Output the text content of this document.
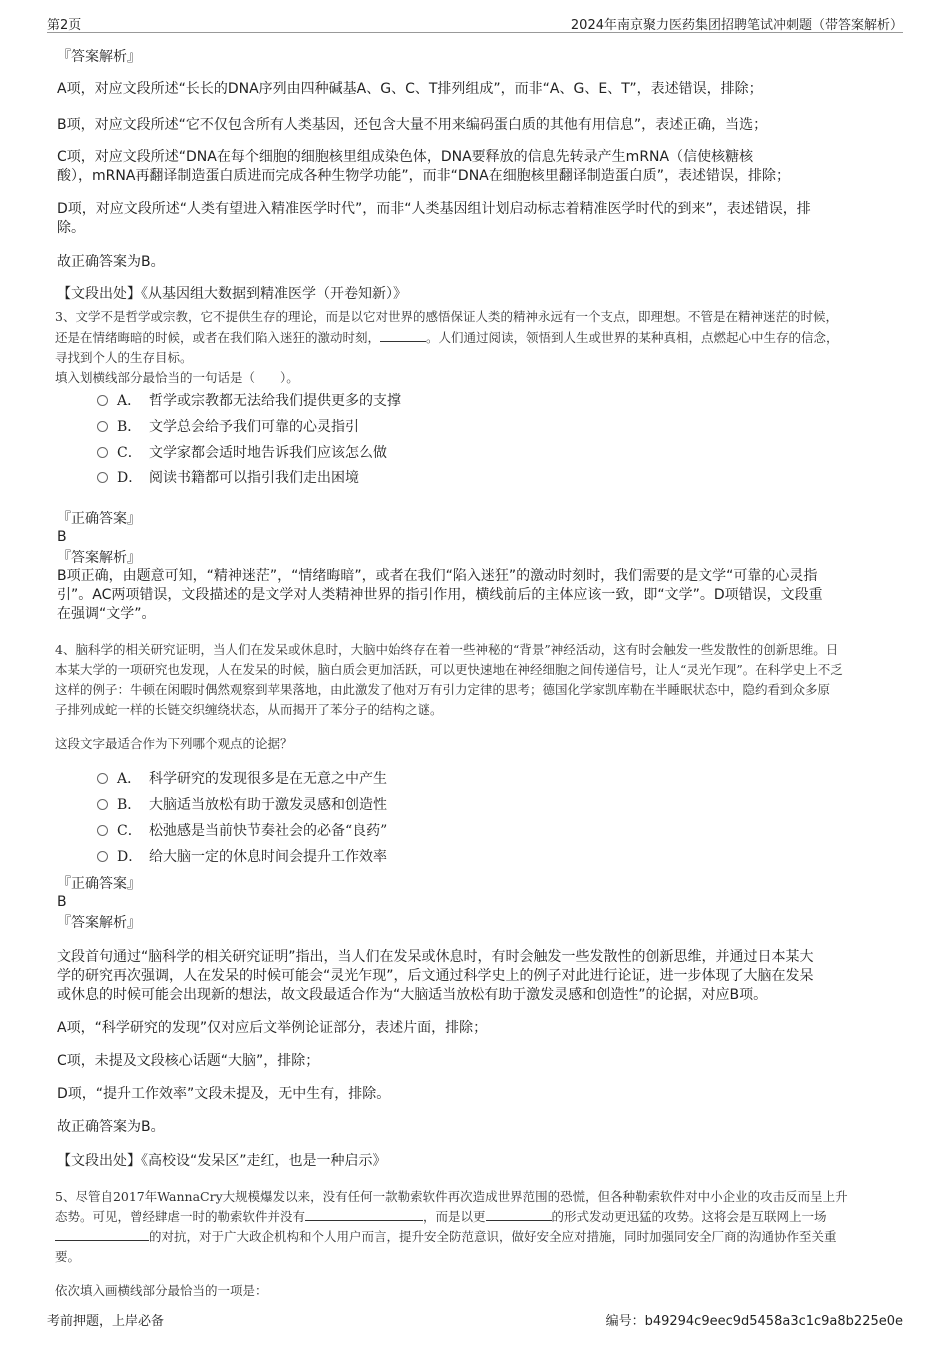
第2页	2024年南京聚力医药集团招聘笔试冲刺题（带答案解析）
『答案解析』
A项，对应文段所述“长长的DNA序列由四种碱基A、G、C、T排列组成”，而非“A、G、E、T”，表述错误，排除；
B项，对应文段所述“它不仅包含所有人类基因，还包含大量不用来编码蛋白质的其他有用信息”，表述正确，当选；
C项，对应文段所述“DNA在每个细胞的细胞核里组成染色体，DNA要释放的信息先转录产生mRNA（信使核糖核
酸），mRNA再翻译制造蛋白质进而完成各种生物学功能”，而非“DNA在细胞核里翻译制造蛋白质”，表述错误，排除；
D项，对应文段所述“人类有望进入精准医学时代”，而非“人类基因组计划启动标志着精准医学时代的到来”，表述错误，排
除。
故正确答案为B。
【文段出处】《从基因组大数据到精准医学（开卷知新）》
3、文学不是哲学或宗教，它不提供生存的理论，而是以它对世界的感悟保证人类的精神永远有一个支点，即理想。不管是在精神迷茫的时候，
还是在情绪晦暗的时候，或者在我们陷入迷狂的激动时刻，	。人们通过阅读，领悟到人生或世界的某种真相，点燃起心中生存的信念，
寻找到个人的生存目标。
填入划横线部分最恰当的一句话是（　　）。
A． 哲学或宗教都无法给我们提供更多的支撑
B． 文学总会给予我们可靠的心灵指引
C． 文学家都会适时地告诉我们应该怎么做
D． 阅读书籍都可以指引我们走出困境
『正确答案』
B
『答案解析』
B项正确，由题意可知，“精神迷茫”，“情绪晦暗”，或者在我们“陷入迷狂”的激动时刻时，我们需要的是文学“可靠的心灵指
引”。AC两项错误，文段描述的是文学对人类精神世界的指引作用，横线前后的主体应该一致，即“文学”。D项错误，文段重
在强调“文学”。
4、脑科学的相关研究证明，当人们在发呆或休息时，大脑中始终存在着一些神秘的“背景”神经活动，这有时会触发一些发散性的创新思维。日
本某大学的一项研究也发现，人在发呆的时候，脑白质会更加活跃，可以更快速地在神经细胞之间传递信号，让人“灵光乍现”。在科学史上不乏
这样的例子：牛顿在闲暇时偶然观察到苹果落地，由此激发了他对万有引力定律的思考；德国化学家凯库勒在半睡眠状态中，隐约看到众多原
子排列成蛇一样的长链交织缠绕状态，从而揭开了苯分子的结构之谜。
这段文字最适合作为下列哪个观点的论据？
A． 科学研究的发现很多是在无意之中产生
B． 大脑适当放松有助于激发灵感和创造性
C． 松弛感是当前快节奏社会的必备“良药”
D． 给大脑一定的休息时间会提升工作效率
『正确答案』
B
『答案解析』
文段首句通过“脑科学的相关研究证明”指出，当人们在发呆或休息时，有时会触发一些发散性的创新思维，并通过日本某大
学的研究再次强调，人在发呆的时候可能会“灵光乍现”，后文通过科学史上的例子对此进行论证，进一步体现了大脑在发呆
或休息的时候可能会出现新的想法，故文段最适合作为“大脑适当放松有助于激发灵感和创造性”的论据，对应B项。
A项，“科学研究的发现”仅对应后文举例论证部分，表述片面，排除；
C项，未提及文段核心话题“大脑”，排除；
D项，“提升工作效率”文段未提及，无中生有，排除。
故正确答案为B。
【文段出处】《高校设“发呆区”走红，也是一种启示》
5、尽管自2017年WannaCry大规模爆发以来，没有任何一款勒索软件再次造成世界范围的恐慌，但各种勒索软件对中小企业的攻击反而呈上升
态势。可见，曾经肆虐一时的勒索软件并没有	，而是以更	的形式发动更迅猛的攻势。这将会是互联网上一场
的对抗，对于广大政企机构和个人用户而言，提升安全防范意识，做好安全应对措施，同时加强同安全厂商的沟通协作至关重
要。
依次填入画横线部分最恰当的一项是：
考前押题，上岸必备	编号：b49294c9eec9d5458a3c1c9a8b225e0e
